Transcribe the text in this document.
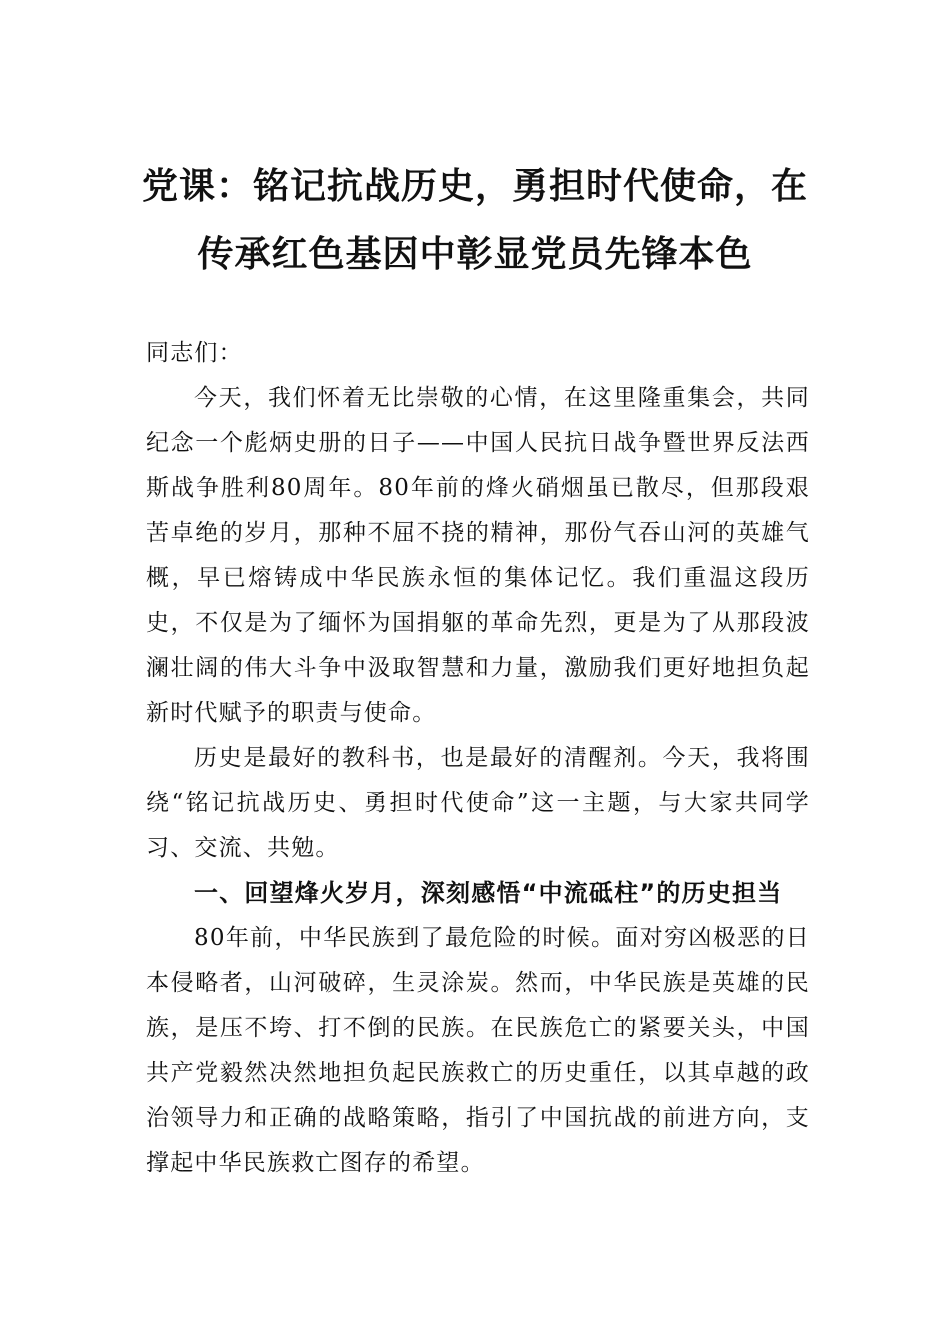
党课：铭记抗战历史，勇担时代使命，在
传承红色基因中彰显党员先锋本色

同志们：

今天，我们怀着无比崇敬的心情，在这里隆重集会，共同纪念一个彪炳史册的日子——中国人民抗日战争暨世界反法西斯战争胜利80周年。80年前的烽火硝烟虽已散尽，但那段艰苦卓绝的岁月，那种不屈不挠的精神，那份气吞山河的英雄气概，早已熔铸成中华民族永恒的集体记忆。我们重温这段历史，不仅是为了缅怀为国捐躯的革命先烈，更是为了从那段波澜壮阔的伟大斗争中汲取智慧和力量，激励我们更好地担负起新时代赋予的职责与使命。

历史是最好的教科书，也是最好的清醒剂。今天，我将围绕“铭记抗战历史、勇担时代使命”这一主题，与大家共同学习、交流、共勉。

一、回望烽火岁月，深刻感悟“中流砥柱”的历史担当

80年前，中华民族到了最危险的时候。面对穷凶极恶的日本侵略者，山河破碎，生灵涂炭。然而，中华民族是英雄的民族，是压不垮、打不倒的民族。在民族危亡的紧要关头，中国共产党毅然决然地担负起民族救亡的历史重任，以其卓越的政治领导力和正确的战略策略，指引了中国抗战的前进方向，支撑起中华民族救亡图存的希望。
